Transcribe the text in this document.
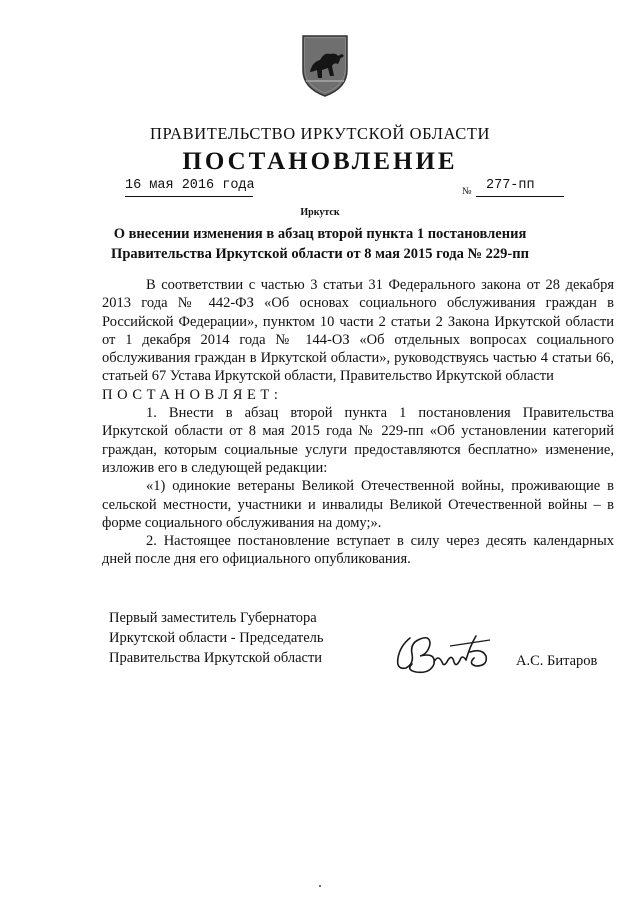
ПРАВИТЕЛЬСТВО ИРКУТСКОЙ ОБЛАСТИ
ПОСТАНОВЛЕНИЕ
16 мая 2016 года	№ 277-пп
Иркутск
О внесении изменения в абзац второй пункта 1 постановления
Правительства Иркутской области от 8 мая 2015 года № 229-пп

В соответствии с частью 3 статьи 31 Федерального закона от 28 декабря 2013 года № 442-ФЗ «Об основах социального обслуживания граждан в Российской Федерации», пунктом 10 части 2 статьи 2 Закона Иркутской области от 1 декабря 2014 года № 144-ОЗ «Об отдельных вопросах социального обслуживания граждан в Иркутской области», руководствуясь частью 4 статьи 66, статьей 67 Устава Иркутской области, Правительство Иркутской области

ПОСТАНОВЛЯЕТ:

1. Внести в абзац второй пункта 1 постановления Правительства Иркутской области от 8 мая 2015 года № 229-пп «Об установлении категорий граждан, которым социальные услуги предоставляются бесплатно» изменение, изложив его в следующей редакции:

«1) одинокие ветераны Великой Отечественной войны, проживающие в сельской местности, участники и инвалиды Великой Отечественной войны – в форме социального обслуживания на дому;».

2. Настоящее постановление вступает в силу через десять календарных дней после дня его официального опубликования.

Первый заместитель Губернатора
Иркутской области - Председатель
Правительства Иркутской области	А.С. Битаров
